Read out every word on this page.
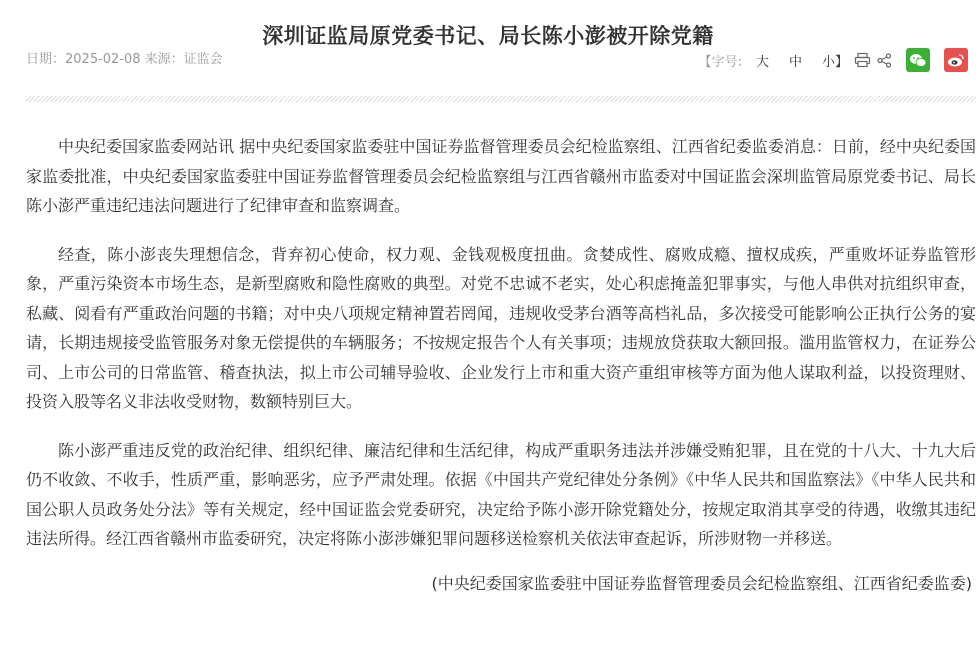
深圳证监局原党委书记、局长陈小澎被开除党籍
日期：2025-02-08 来源：证监会	【字号: 大 中 小】

中央纪委国家监委网站讯 据中央纪委国家监委驻中国证券监督管理委员会纪检监察组、江西省纪委监委消息：日前，经中央纪委国家监委批准，中央纪委国家监委驻中国证券监督管理委员会纪检监察组与江西省赣州市监委对中国证监会深圳监管局原党委书记、局长陈小澎严重违纪违法问题进行了纪律审查和监察调查。

经查，陈小澎丧失理想信念，背弃初心使命，权力观、金钱观极度扭曲。贪婪成性、腐败成瘾、擅权成疾，严重败坏证券监管形象，严重污染资本市场生态，是新型腐败和隐性腐败的典型。对党不忠诚不老实，处心积虑掩盖犯罪事实，与他人串供对抗组织审查，私藏、阅看有严重政治问题的书籍；对中央八项规定精神置若罔闻，违规收受茅台酒等高档礼品，多次接受可能影响公正执行公务的宴请，长期违规接受监管服务对象无偿提供的车辆服务；不按规定报告个人有关事项；违规放贷获取大额回报。滥用监管权力，在证券公司、上市公司的日常监管、稽查执法，拟上市公司辅导验收、企业发行上市和重大资产重组审核等方面为他人谋取利益，以投资理财、投资入股等名义非法收受财物，数额特别巨大。

陈小澎严重违反党的政治纪律、组织纪律、廉洁纪律和生活纪律，构成严重职务违法并涉嫌受贿犯罪，且在党的十八大、十九大后仍不收敛、不收手，性质严重，影响恶劣，应予严肃处理。依据《中国共产党纪律处分条例》《中华人民共和国监察法》《中华人民共和国公职人员政务处分法》等有关规定，经中国证监会党委研究，决定给予陈小澎开除党籍处分，按规定取消其享受的待遇，收缴其违纪违法所得。经江西省赣州市监委研究，决定将陈小澎涉嫌犯罪问题移送检察机关依法审查起诉，所涉财物一并移送。

(中央纪委国家监委驻中国证券监督管理委员会纪检监察组、江西省纪委监委)
